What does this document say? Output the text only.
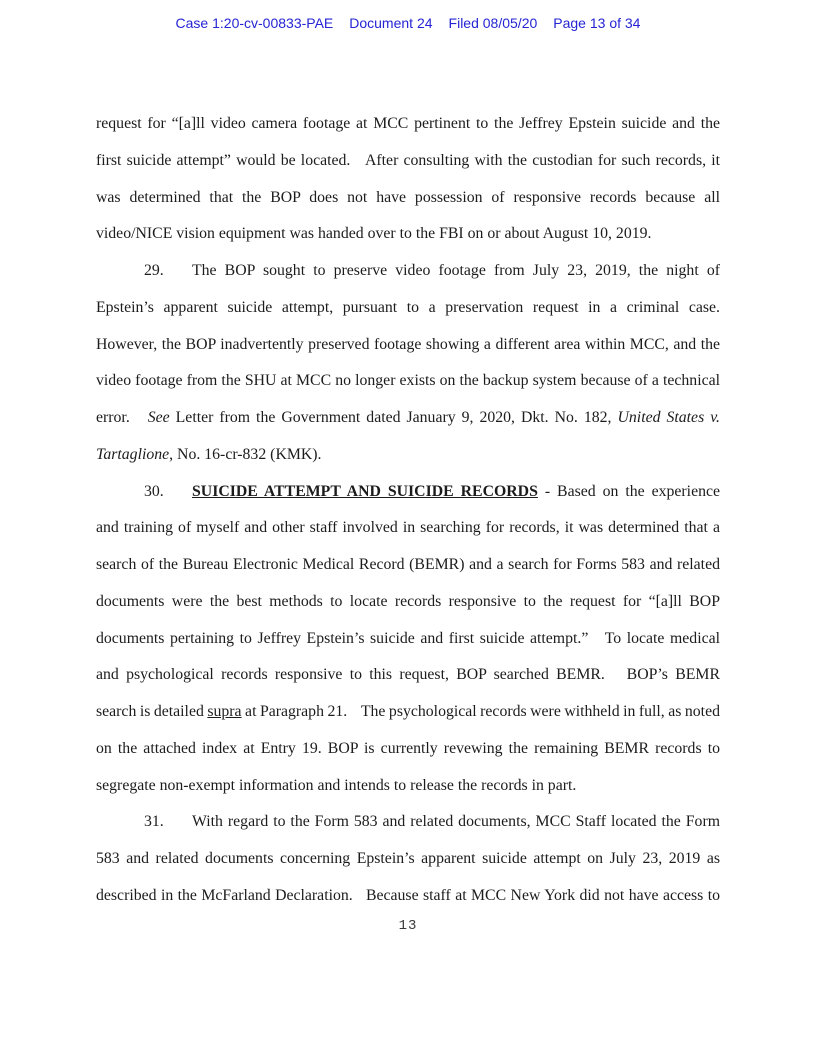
Case 1:20-cv-00833-PAE Document 24 Filed 08/05/20 Page 13 of 34
request for “[a]ll video camera footage at MCC pertinent to the Jeffrey Epstein suicide and the
first suicide attempt” would be located.   After consulting with the custodian for such records, it
was determined that the BOP does not have possession of responsive records because all
video/NICE vision equipment was handed over to the FBI on or about August 10, 2019.
29. The BOP sought to preserve video footage from July 23, 2019, the night of
Epstein’s apparent suicide attempt, pursuant to a preservation request in a criminal case.
However, the BOP inadvertently preserved footage showing a different area within MCC, and the
video footage from the SHU at MCC no longer exists on the backup system because of a technical
error.   See Letter from the Government dated January 9, 2020, Dkt. No. 182, United States v.
Tartaglione, No. 16-cr-832 (KMK).
30. SUICIDE ATTEMPT AND SUICIDE RECORDS - Based on the experience
and training of myself and other staff involved in searching for records, it was determined that a
search of the Bureau Electronic Medical Record (BEMR) and a search for Forms 583 and related
documents were the best methods to locate records responsive to the request for “[a]ll BOP
documents pertaining to Jeffrey Epstein’s suicide and first suicide attempt.”   To locate medical
and psychological records responsive to this request, BOP searched BEMR.   BOP’s BEMR
search is detailed supra at Paragraph 21.    The psychological records were withheld in full, as noted
on the attached index at Entry 19. BOP is currently revewing the remaining BEMR records to
segregate non-exempt information and intends to release the records in part.
31. With regard to the Form 583 and related documents, MCC Staff located the Form
583 and related documents concerning Epstein’s apparent suicide attempt on July 23, 2019 as
described in the McFarland Declaration.   Because staff at MCC New York did not have access to
13
